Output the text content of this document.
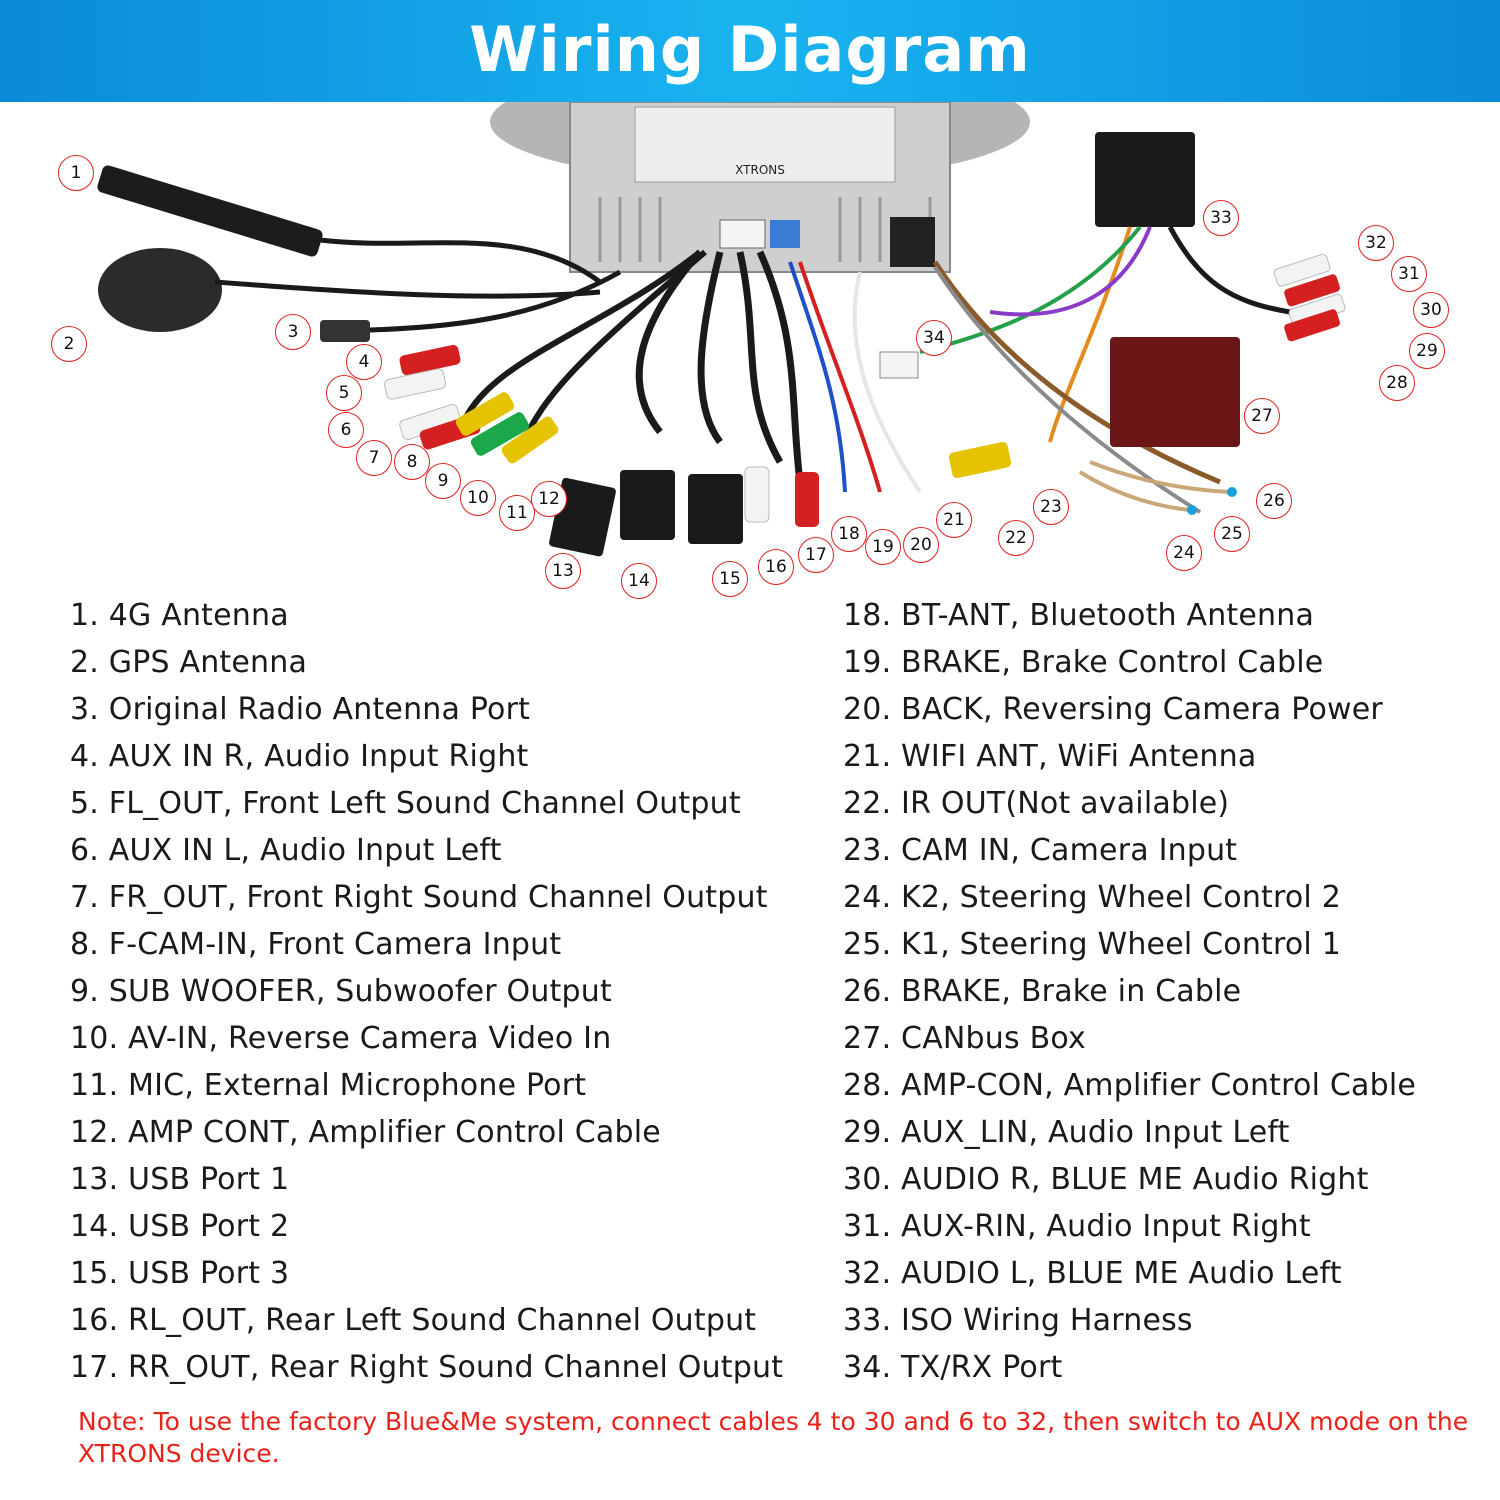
Wiring Diagram
XTRONS
1
2
3
4
5
6
7	8
9
10
11
12
13	14	15
16
17
18
19 20
21
22
23
24
25
26
27
28
29
30
31
32
33
34
1. 4G Antenna
2. GPS Antenna
3. Original Radio Antenna Port
4. AUX IN R, Audio Input Right
5. FL_OUT, Front Left Sound Channel Output
6. AUX IN L, Audio Input Left
7. FR_OUT, Front Right Sound Channel Output
8. F-CAM-IN, Front Camera Input
9. SUB WOOFER, Subwoofer Output
10. AV-IN, Reverse Camera Video In
11. MIC, External Microphone Port
12. AMP CONT, Amplifier Control Cable
13. USB Port 1
14. USB Port 2
15. USB Port 3
16. RL_OUT, Rear Left Sound Channel Output
17. RR_OUT, Rear Right Sound Channel Output
18. BT-ANT, Bluetooth Antenna
19. BRAKE, Brake Control Cable
20. BACK, Reversing Camera Power
21. WIFI ANT, WiFi Antenna
22. IR OUT(Not available)
23. CAM IN, Camera Input
24. K2, Steering Wheel Control 2
25. K1, Steering Wheel Control 1
26. BRAKE, Brake in Cable
27. CANbus Box
28. AMP-CON, Amplifier Control Cable
29. AUX_LIN, Audio Input Left
30. AUDIO R, BLUE ME Audio Right
31. AUX-RIN, Audio Input Right
32. AUDIO L, BLUE ME Audio Left
33. ISO Wiring Harness
34. TX/RX Port
Note: To use the factory Blue&Me system, connect cables 4 to 30 and 6 to 32, then switch to AUX mode on the XTRONS device.
